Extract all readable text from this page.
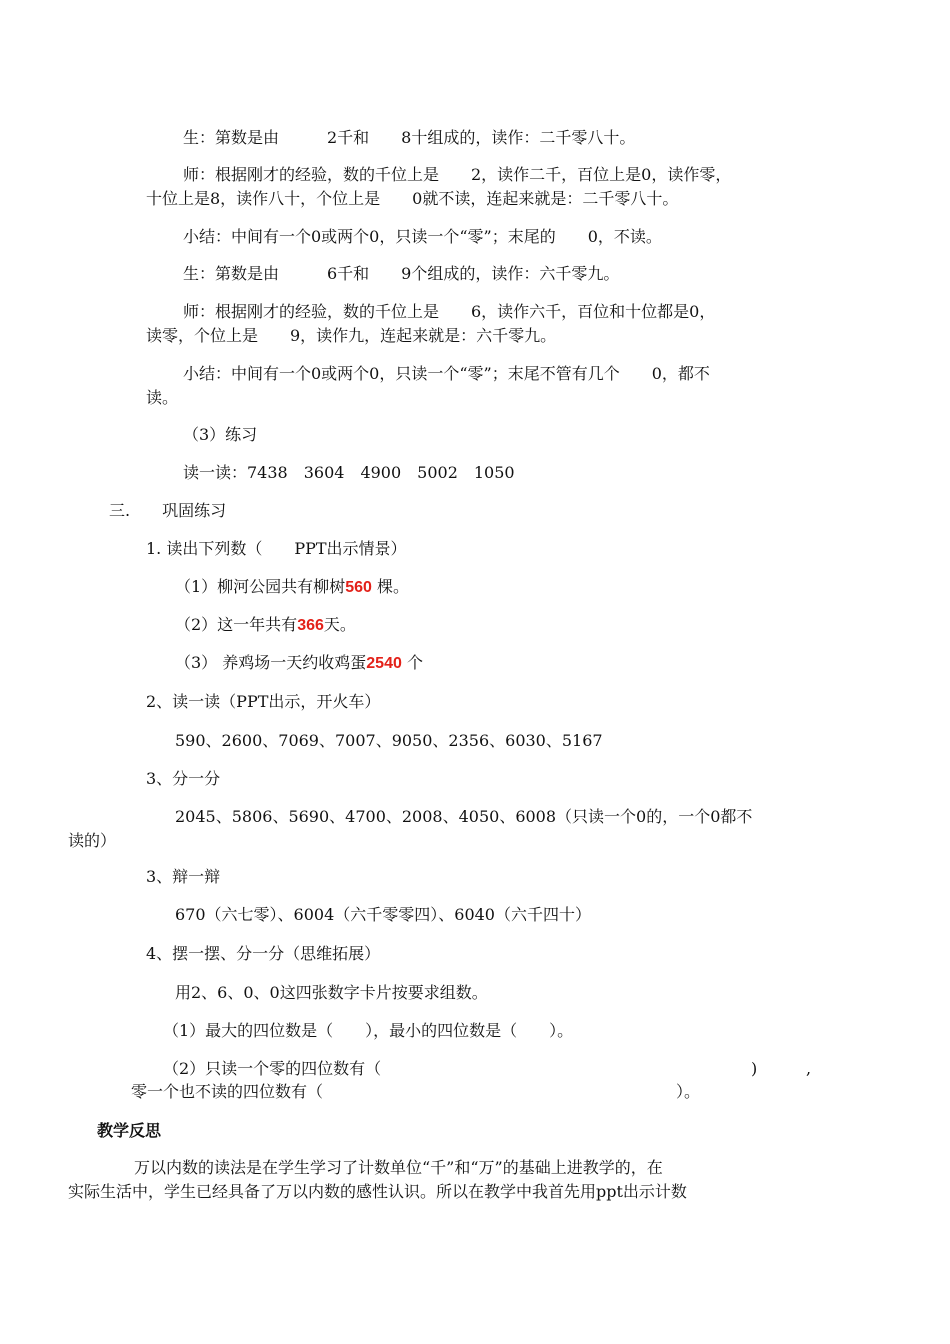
生：第数是由　　　2千和　　8十组成的，读作：二千零八十。
师：根据刚才的经验，数的千位上是　　2，读作二千，百位上是0，读作零，
十位上是8，读作八十，个位上是　　0就不读，连起来就是：二千零八十。
小结：中间有一个0或两个0，只读一个“零”；末尾的　　0，不读。
生：第数是由　　　6千和　　9个组成的，读作：六千零九。
师：根据刚才的经验，数的千位上是　　6，读作六千，百位和十位都是0，
读零，个位上是　　9，读作九，连起来就是：六千零九。
小结：中间有一个0或两个0，只读一个“零”；末尾不管有几个　　0，都不
读。
（3）练习
读一读：7438　3604　4900　5002　1050
三.　　巩固练习
1. 读出下列数（　　PPT出示情景）
（1）柳河公园共有柳树560 棵。
（2）这一年共有366天。
（3） 养鸡场一天约收鸡蛋2540 个
2、读一读（PPT出示，开火车）
590、2600、7069、7007、9050、2356、6030、5167
3、分一分
2045、5806、5690、4700、2008、4050、6008（只读一个0的，一个0都不
读的）
3、辩一辩
670（六七零）、6004（六千零零四）、6040（六千四十）
4、摆一摆、分一分（思维拓展）
用2、6、0、0这四张数字卡片按要求组数。
（1）最大的四位数是（　　），最小的四位数是（　　）。
（2）只读一个零的四位数有（	)	,
零一个也不读的四位数有（	）。
教学反思
万以内数的读法是在学生学习了计数单位“千”和“万”的基础上进教学的，在
实际生活中，学生已经具备了万以内数的感性认识。所以在教学中我首先用ppt出示计数
